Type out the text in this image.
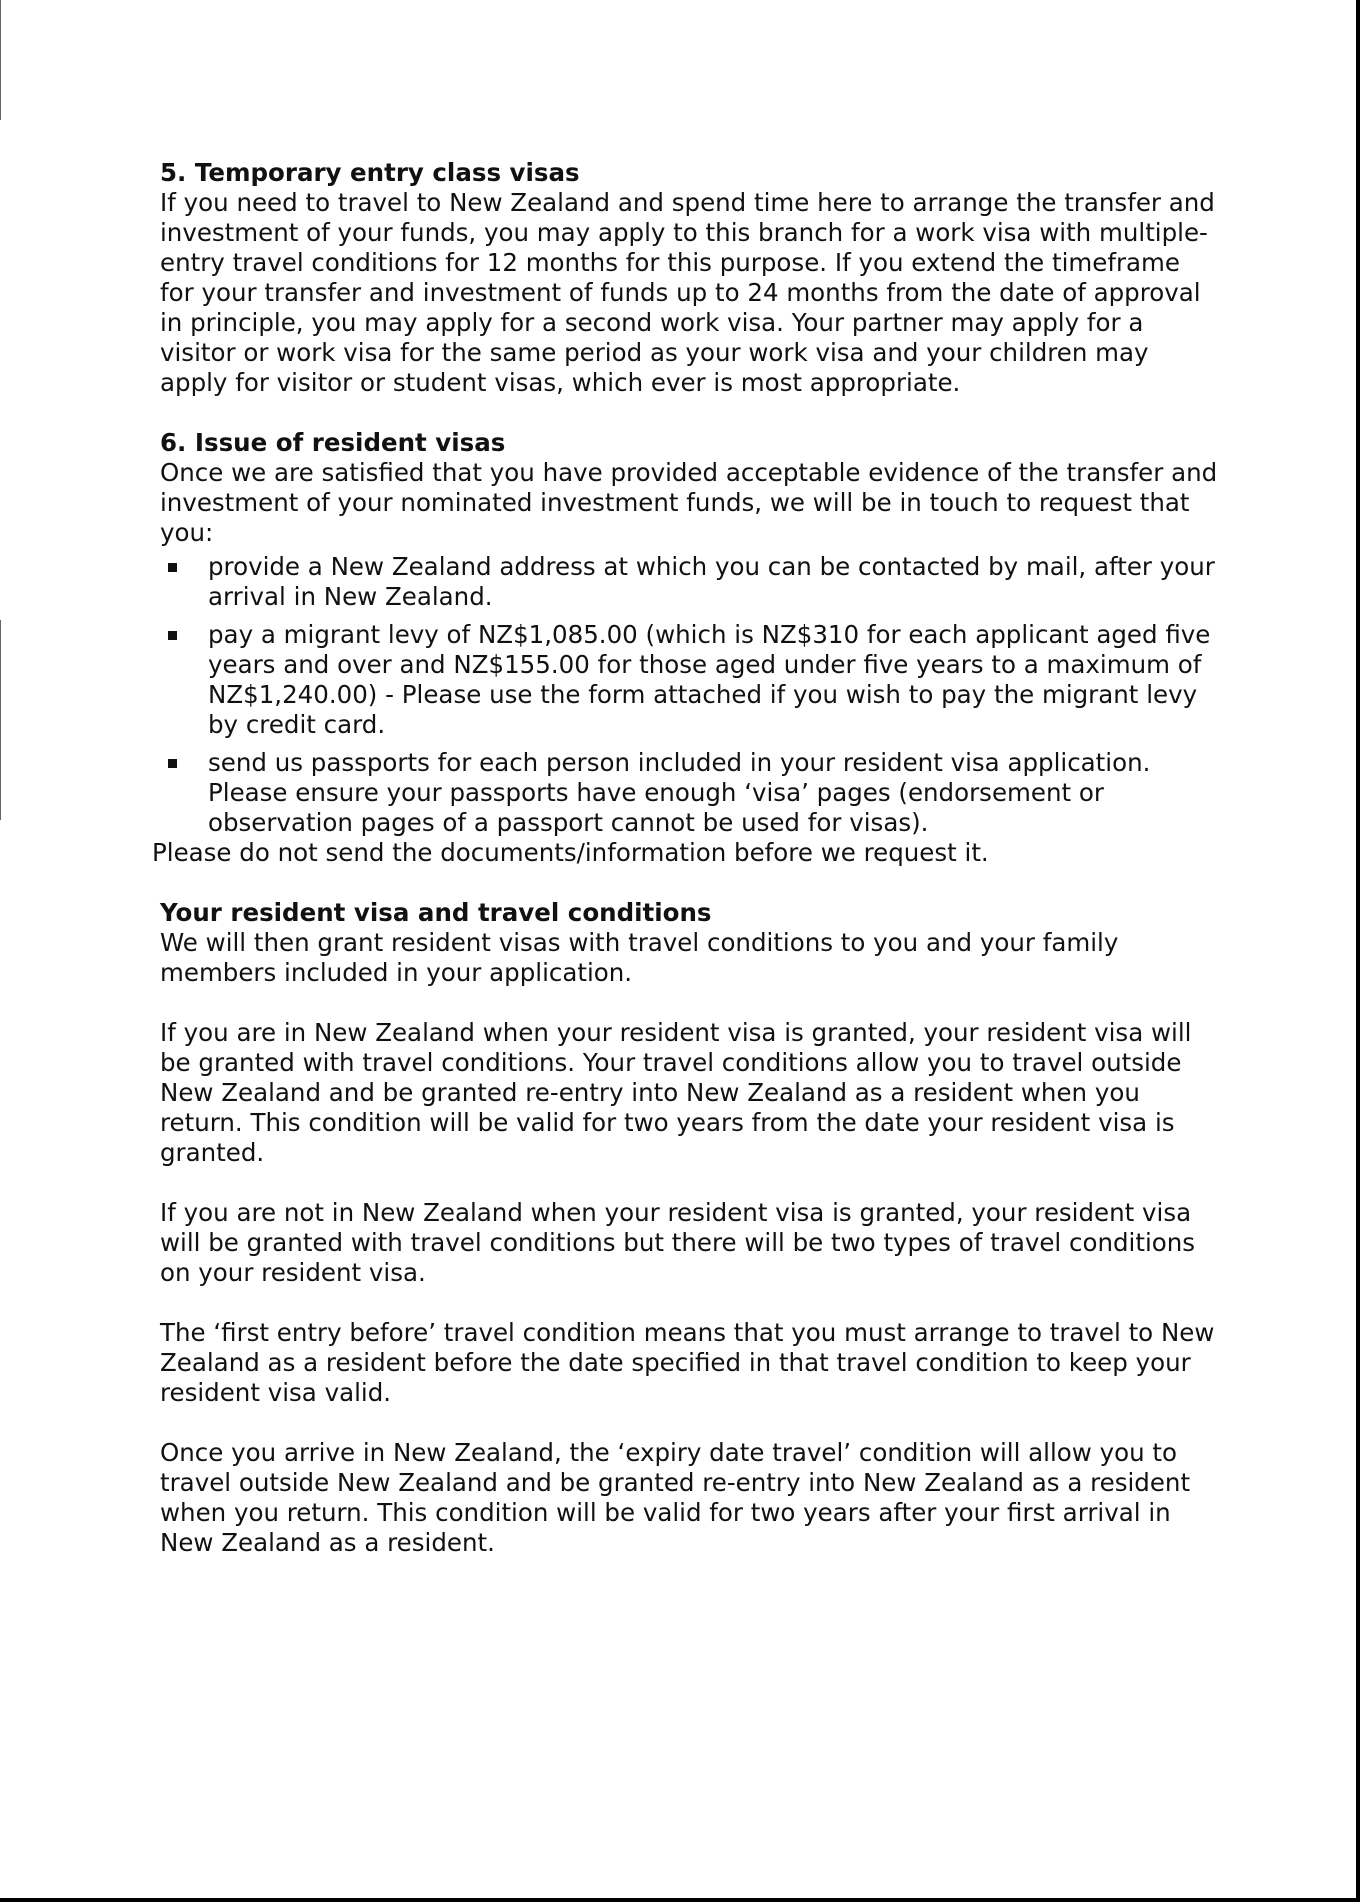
5. Temporary entry class visas

If you need to travel to New Zealand and spend time here to arrange the transfer and investment of your funds, you may apply to this branch for a work visa with multiple-entry travel conditions for 12 months for this purpose. If you extend the timeframe for your transfer and investment of funds up to 24 months from the date of approval in principle, you may apply for a second work visa. Your partner may apply for a visitor or work visa for the same period as your work visa and your children may apply for visitor or student visas, which ever is most appropriate.

6. Issue of resident visas

Once we are satisfied that you have provided acceptable evidence of the transfer and investment of your nominated investment funds, we will be in touch to request that you:

provide a New Zealand address at which you can be contacted by mail, after your arrival in New Zealand.
pay a migrant levy of NZ$1,085.00 (which is NZ$310 for each applicant aged five years and over and NZ$155.00 for those aged under five years to a maximum of NZ$1,240.00) - Please use the form attached if you wish to pay the migrant levy by credit card.
send us passports for each person included in your resident visa application. Please ensure your passports have enough ‘visa’ pages (endorsement or observation pages of a passport cannot be used for visas).

Please do not send the documents/information before we request it.

Your resident visa and travel conditions

We will then grant resident visas with travel conditions to you and your family members included in your application.

If you are in New Zealand when your resident visa is granted, your resident visa will be granted with travel conditions. Your travel conditions allow you to travel outside New Zealand and be granted re-entry into New Zealand as a resident when you return. This condition will be valid for two years from the date your resident visa is granted.

If you are not in New Zealand when your resident visa is granted, your resident visa will be granted with travel conditions but there will be two types of travel conditions on your resident visa.

The ‘first entry before’ travel condition means that you must arrange to travel to New Zealand as a resident before the date specified in that travel condition to keep your resident visa valid.

Once you arrive in New Zealand, the ‘expiry date travel’ condition will allow you to travel outside New Zealand and be granted re-entry into New Zealand as a resident when you return. This condition will be valid for two years after your first arrival in New Zealand as a resident.
